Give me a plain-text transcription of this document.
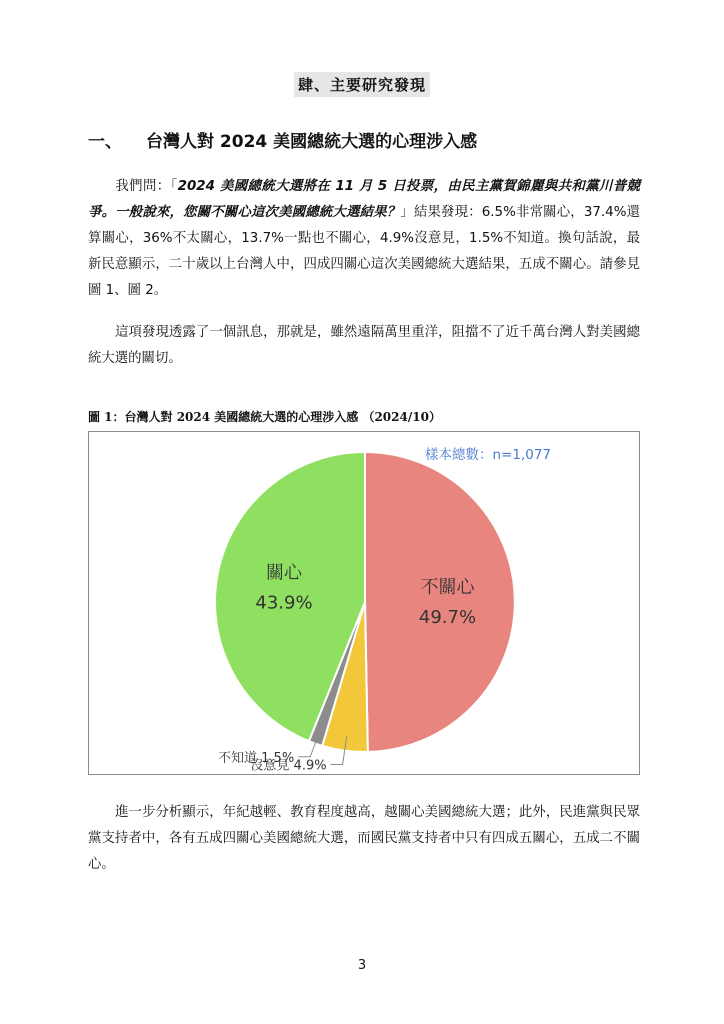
肆、主要研究發現
一、 台灣人對 2024 美國總統大選的心理涉入感
我們問：「2024 美國總統大選將在 11 月 5 日投票，由民主黨賀錦麗與共和黨川普競爭。一般說來，您關不關心這次美國總統大選結果？」結果發現：6.5%非常關心，37.4%還算關心，36%不太關心，13.7%一點也不關心，4.9%沒意見，1.5%不知道。換句話說，最新民意顯示，二十歲以上台灣人中，四成四關心這次美國總統大選結果，五成不關心。請參見圖 1、圖 2。
這項發現透露了一個訊息，那就是，雖然遠隔萬里重洋，阻擋不了近千萬台灣人對美國總統大選的關切。
圖 1：台灣人對 2024 美國總統大選的心理涉入感 （2024/10）
樣本總數：n=1,077
不關心
49.7%
沒意見 4.9%
不知道 1.5%
關心
43.9%
進一步分析顯示，年紀越輕、教育程度越高，越關心美國總統大選；此外，民進黨與民眾黨支持者中，各有五成四關心美國總統大選，而國民黨支持者中只有四成五關心，五成二不關心。
3
